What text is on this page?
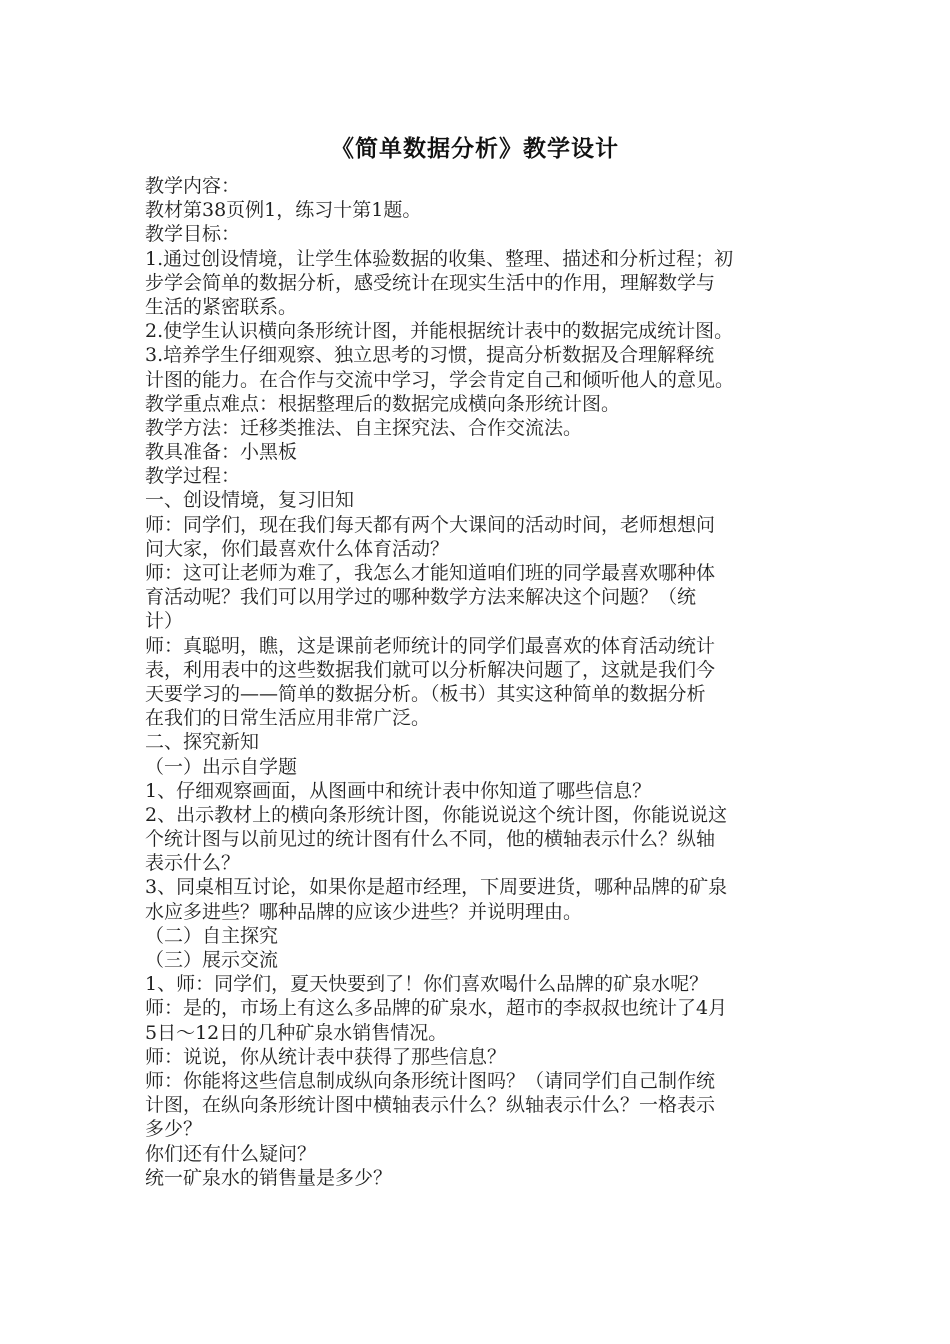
《简单数据分析》教学设计
教学内容：
教材第38页例1，练习十第1题。
教学目标：
1.通过创设情境，让学生体验数据的收集、整理、描述和分析过程；初
步学会简单的数据分析，感受统计在现实生活中的作用，理解数学与
生活的紧密联系。
2.使学生认识横向条形统计图，并能根据统计表中的数据完成统计图。
3.培养学生仔细观察、独立思考的习惯，提高分析数据及合理解释统
计图的能力。在合作与交流中学习，学会肯定自己和倾听他人的意见。
教学重点难点：根据整理后的数据完成横向条形统计图。
教学方法：迁移类推法、自主探究法、合作交流法。
教具准备：小黑板
教学过程：
一、创设情境，复习旧知
师：同学们，现在我们每天都有两个大课间的活动时间，老师想想问
问大家，你们最喜欢什么体育活动？
师：这可让老师为难了，我怎么才能知道咱们班的同学最喜欢哪种体
育活动呢？我们可以用学过的哪种数学方法来解决这个问题？（统
计）
师：真聪明，瞧，这是课前老师统计的同学们最喜欢的体育活动统计
表，利用表中的这些数据我们就可以分析解决问题了，这就是我们今
天要学习的——简单的数据分析。（板书）其实这种简单的数据分析
在我们的日常生活应用非常广泛。
二、探究新知
（一）出示自学题
1、仔细观察画面，从图画中和统计表中你知道了哪些信息？
2、出示教材上的横向条形统计图，你能说说这个统计图，你能说说这
个统计图与以前见过的统计图有什么不同，他的横轴表示什么？纵轴
表示什么？
3、同桌相互讨论，如果你是超市经理，下周要进货，哪种品牌的矿泉
水应多进些？哪种品牌的应该少进些？并说明理由。
（二）自主探究
（三）展示交流
1、师：同学们，夏天快要到了！你们喜欢喝什么品牌的矿泉水呢？
师：是的，市场上有这么多品牌的矿泉水，超市的李叔叔也统计了4月
5日～12日的几种矿泉水销售情况。
师：说说，你从统计表中获得了那些信息？
师：你能将这些信息制成纵向条形统计图吗？（请同学们自己制作统
计图，在纵向条形统计图中横轴表示什么？纵轴表示什么？一格表示
多少？
你们还有什么疑问？
统一矿泉水的销售量是多少？
